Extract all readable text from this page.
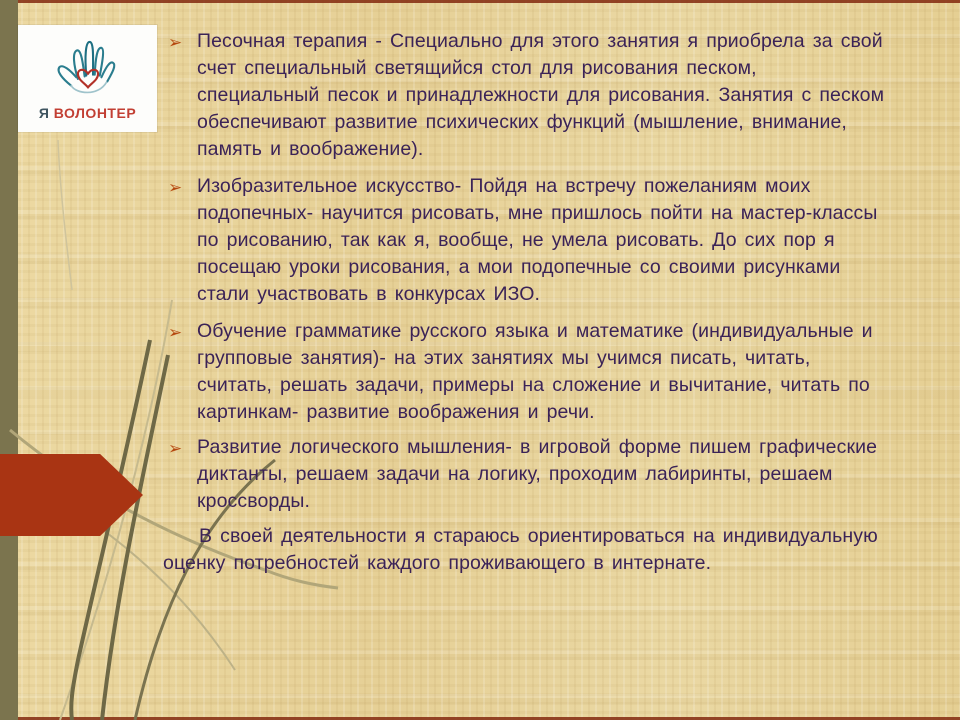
Я ВОЛОНТЕР
➢ Песочная терапия - Специально для этого занятия я приобрела за свой
счет специальный светящийся стол для рисования песком,
специальный песок и принадлежности для рисования. Занятия с песком
обеспечивают развитие психических функций (мышление, внимание,
память и воображение).
➢ Изобразительное искусство- Пойдя на встречу пожеланиям моих
подопечных- научится рисовать, мне пришлось пойти на мастер-классы
по рисованию, так как я, вообще, не умела рисовать. До сих пор я
посещаю уроки рисования, а мои подопечные со своими рисунками
стали участвовать в конкурсах ИЗО.
➢ Обучение грамматике русского языка и математике (индивидуальные и
групповые занятия)- на этих занятиях мы учимся писать, читать,
считать, решать задачи, примеры на сложение и вычитание, читать по
картинкам- развитие воображения и речи.
➢ Развитие логического мышления- в игровой форме пишем графические
диктанты, решаем задачи на логику, проходим лабиринты, решаем
кроссворды.
В своей деятельности я стараюсь ориентироваться на индивидуальную
оценку потребностей каждого проживающего в интернате.
